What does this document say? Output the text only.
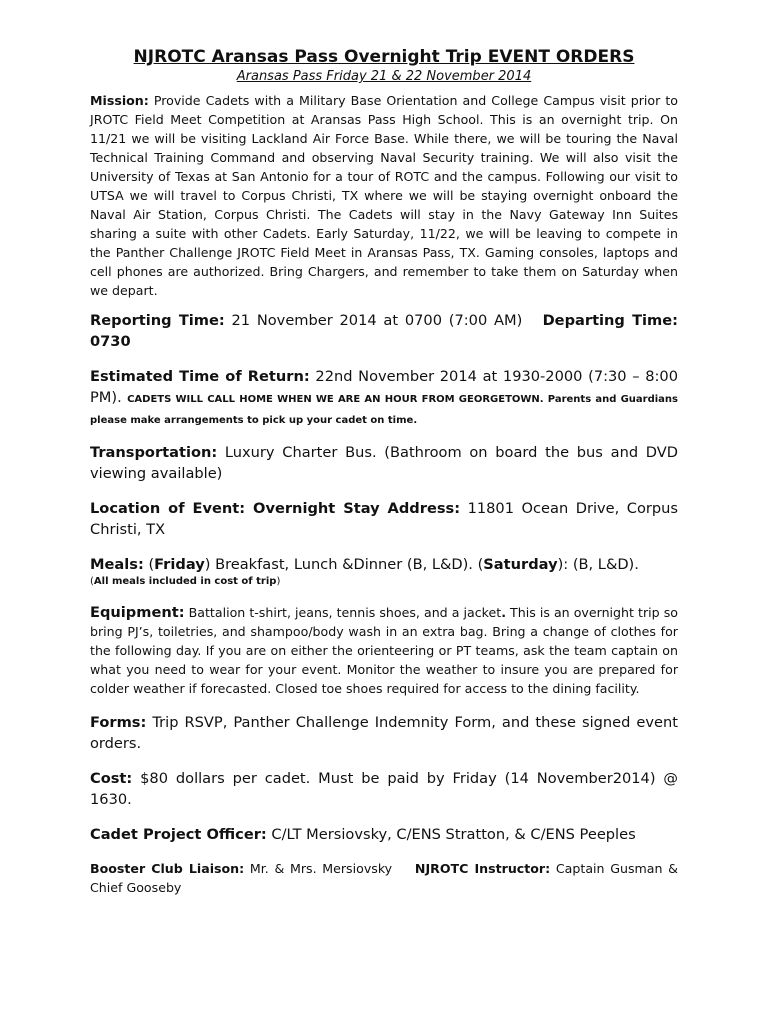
NJROTC Aransas Pass Overnight Trip EVENT ORDERS

Aransas Pass Friday 21 & 22 November 2014

Mission: Provide Cadets with a Military Base Orientation and College Campus visit prior to JROTC Field Meet Competition at Aransas Pass High School. This is an overnight trip. On 11/21 we will be visiting Lackland Air Force Base. While there, we will be touring the Naval Technical Training Command and observing Naval Security training. We will also visit the University of Texas at San Antonio for a tour of ROTC and the campus. Following our visit to UTSA we will travel to Corpus Christi, TX where we will be staying overnight onboard the Naval Air Station, Corpus Christi. The Cadets will stay in the Navy Gateway Inn Suites sharing a suite with other Cadets. Early Saturday, 11/22, we will be leaving to compete in the Panther Challenge JROTC Field Meet in Aransas Pass, TX. Gaming consoles, laptops and cell phones are authorized. Bring Chargers, and remember to take them on Saturday when we depart.

Reporting Time: 21 November 2014 at 0700 (7:00 AM) Departing Time: 0730

Estimated Time of Return: 22nd November 2014 at 1930-2000 (7:30 – 8:00 PM). CADETS WILL CALL HOME WHEN WE ARE AN HOUR FROM GEORGETOWN. Parents and Guardians please make arrangements to pick up your cadet on time.

Transportation: Luxury Charter Bus. (Bathroom on board the bus and DVD viewing available)

Location of Event: Overnight Stay Address: 11801 Ocean Drive, Corpus Christi, TX

Meals: (Friday) Breakfast, Lunch &Dinner (B, L&D). (Saturday): (B, L&D).
(All meals included in cost of trip)

Equipment: Battalion t-shirt, jeans, tennis shoes, and a jacket. This is an overnight trip so bring PJ’s, toiletries, and shampoo/body wash in an extra bag. Bring a change of clothes for the following day. If you are on either the orienteering or PT teams, ask the team captain on what you need to wear for your event. Monitor the weather to insure you are prepared for colder weather if forecasted. Closed toe shoes required for access to the dining facility.

Forms: Trip RSVP, Panther Challenge Indemnity Form, and these signed event orders.

Cost: $80 dollars per cadet. Must be paid by Friday (14 November2014) @ 1630.

Cadet Project Officer: C/LT Mersiovsky, C/ENS Stratton, & C/ENS Peeples

Booster Club Liaison: Mr. & Mrs. Mersiovsky NJROTC Instructor: Captain Gusman & Chief Gooseby
